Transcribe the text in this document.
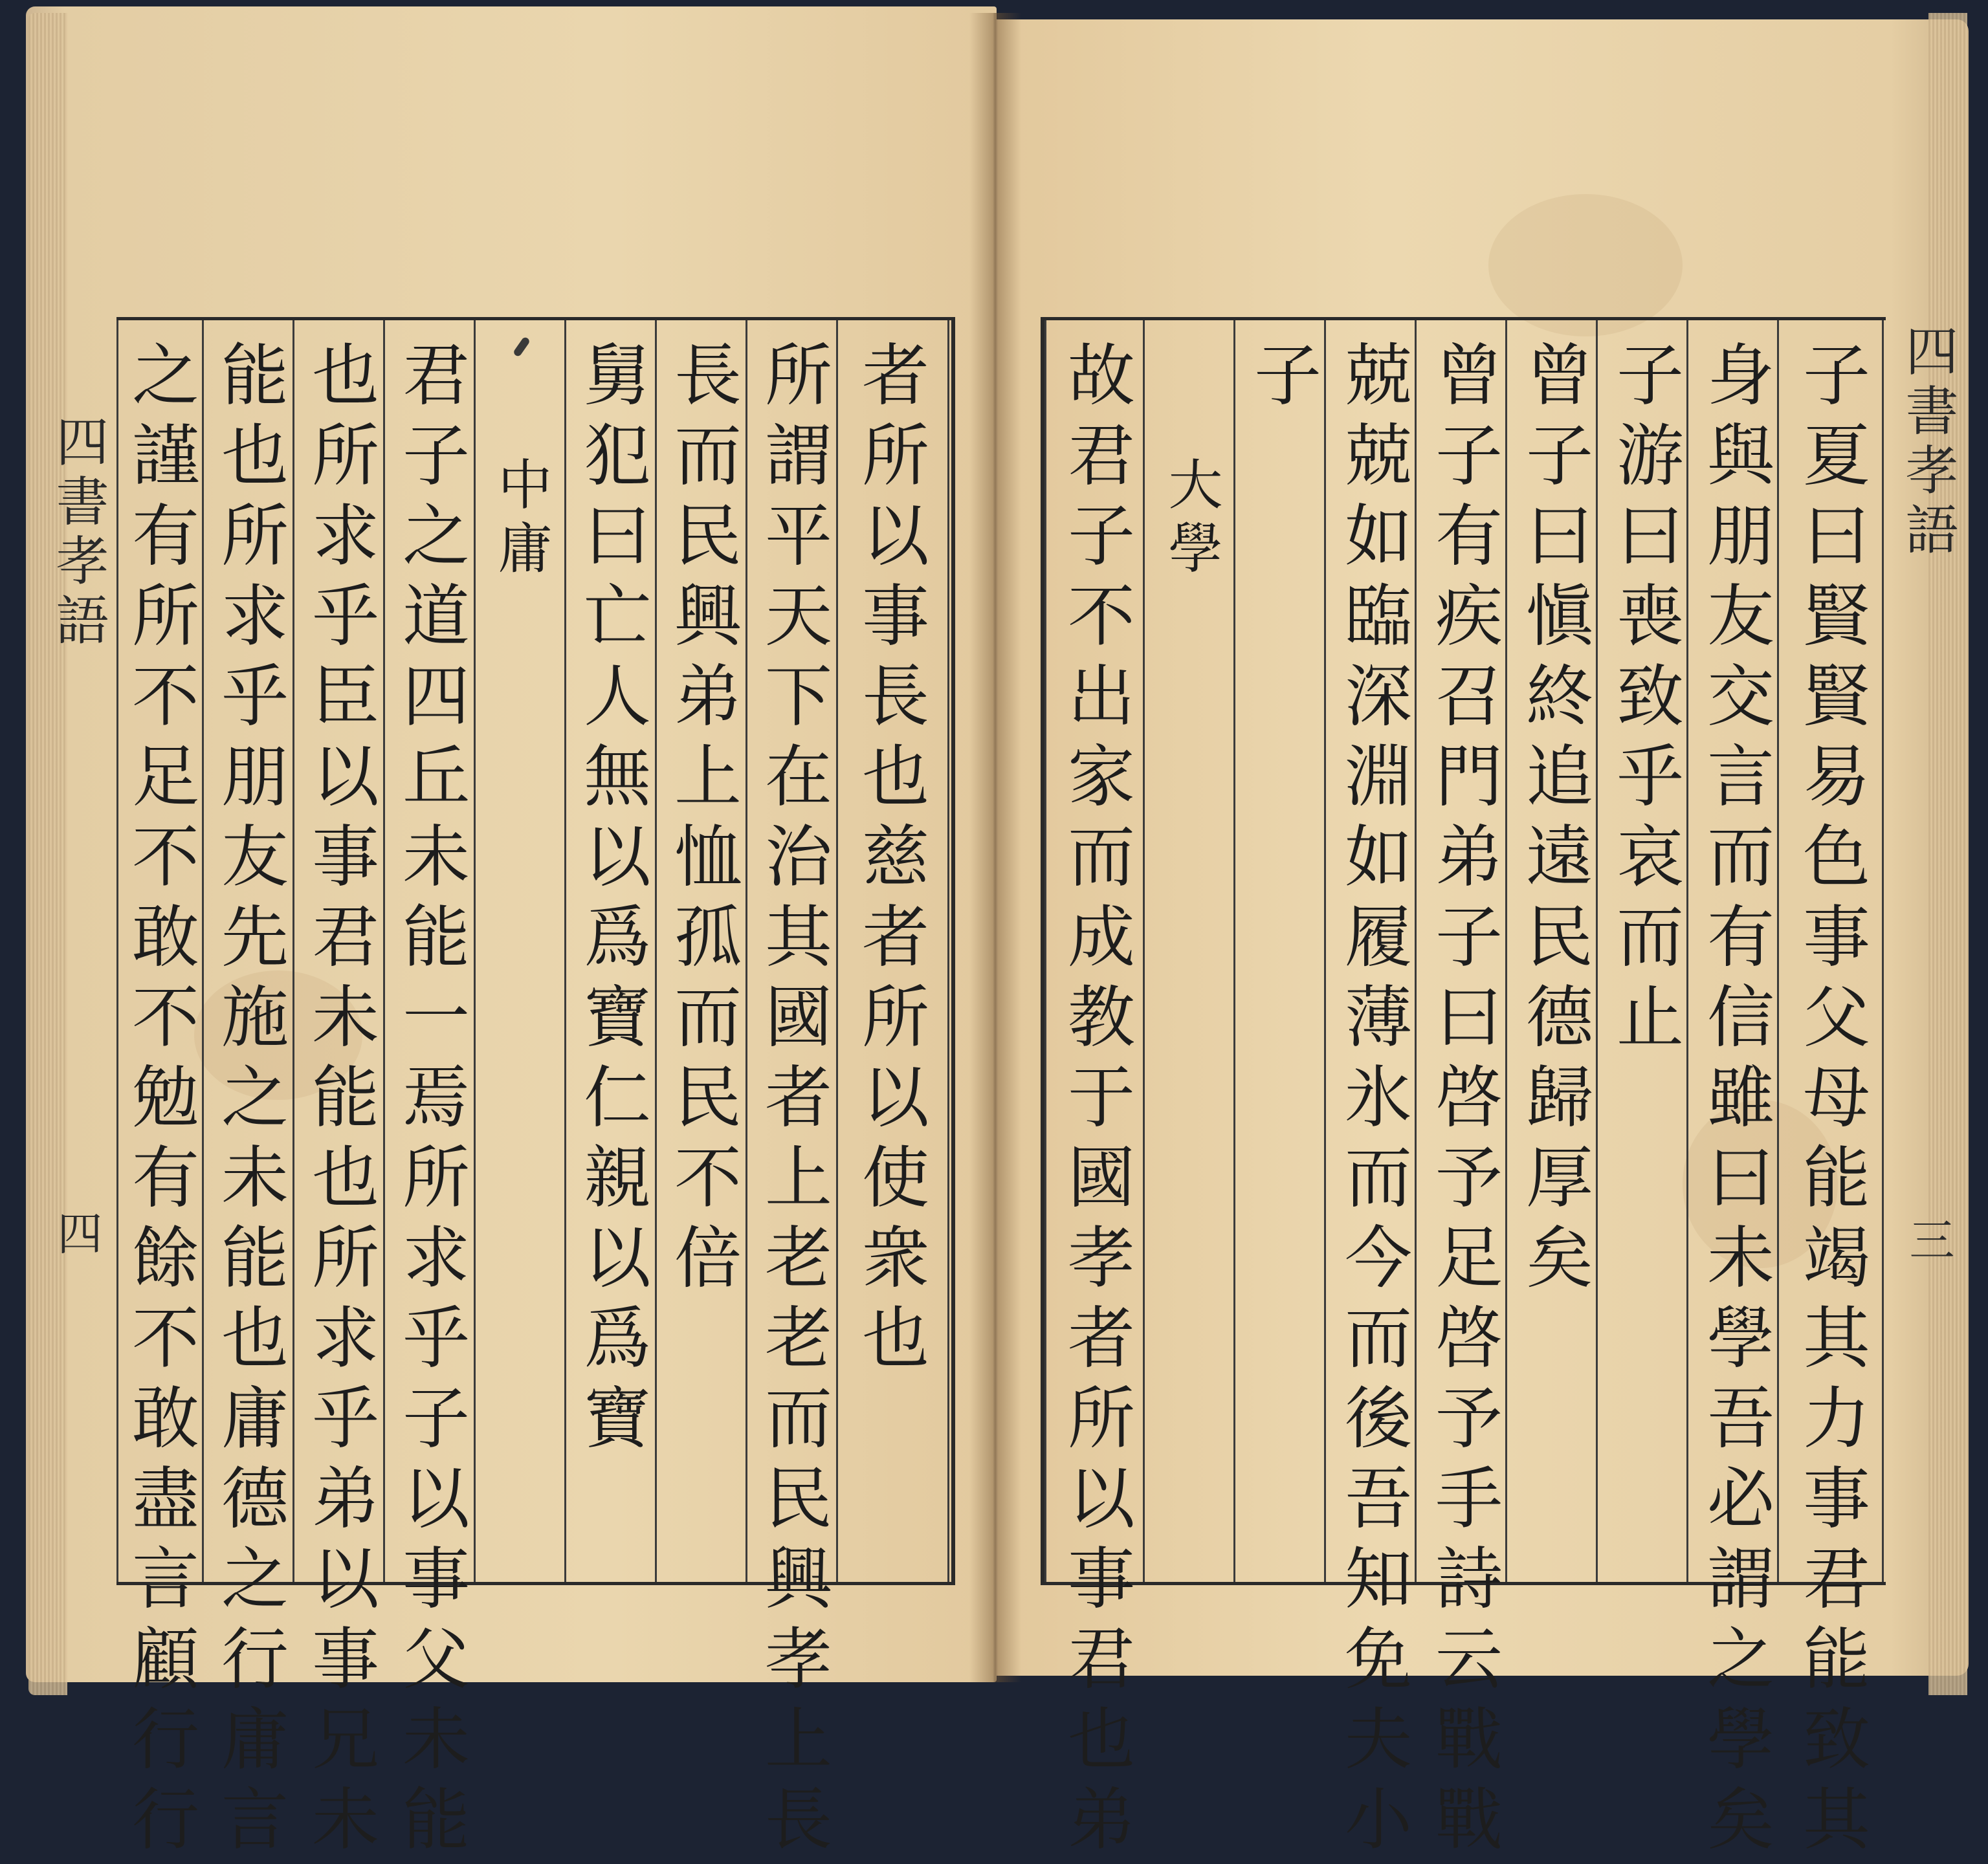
者所以事長也慈者所以使衆也
所謂平天下在治其國者上老老而民興孝上長
長而民興弟上恤孤而民不倍
舅犯曰亡人無以爲寶仁親以爲寶
中庸
君子之道四丘未能一焉所求乎子以事父未能
也所求乎臣以事君未能也所求乎弟以事兄未
能也所求乎朋友先施之未能也庸德之行庸言
之謹有所不足不敢不勉有餘不敢盡言顧行行
四書孝語
四	子夏曰賢賢易色事父母能竭其力事君能致其
身與朋友交言而有信雖曰未學吾必謂之學矣
子游曰喪致乎哀而止
曾子曰愼終追遠民德歸厚矣
曾子有疾召門弟子曰啓予足啓予手詩云戰戰
兢兢如臨深淵如履薄氷而今而後吾知免夫小
子
大學
故君子不出家而成教于國孝者所以事君也弟	四書孝語
三
